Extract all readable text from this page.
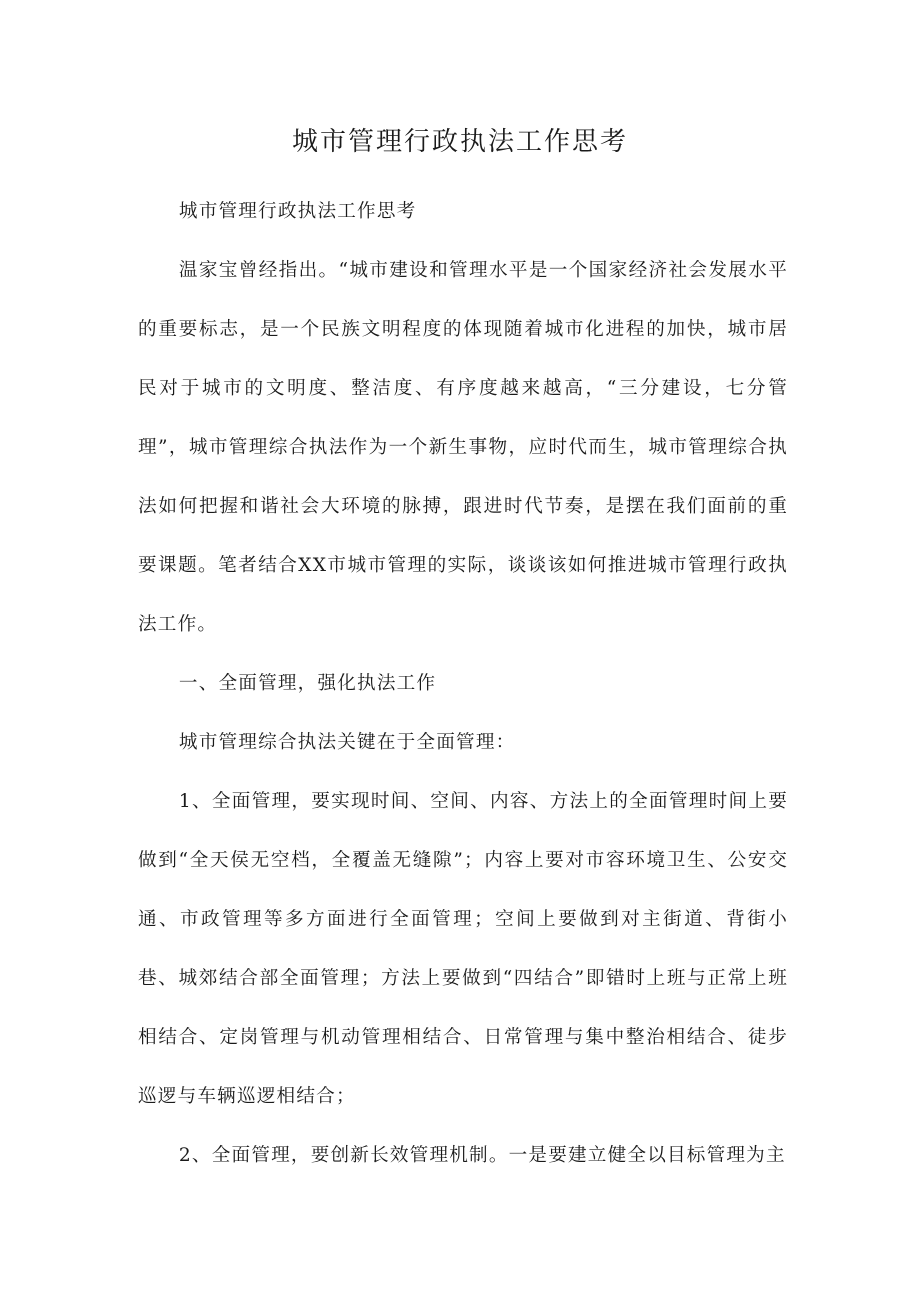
城市管理行政执法工作思考

城市管理行政执法工作思考

温家宝曾经指出。“城市建设和管理水平是一个国家经济社会发展水平的重要标志，是一个民族文明程度的体现随着城市化进程的加快，城市居民对于城市的文明度、整洁度、有序度越来越高，“三分建设，七分管理”，城市管理综合执法作为一个新生事物，应时代而生，城市管理综合执法如何把握和谐社会大环境的脉搏，跟进时代节奏，是摆在我们面前的重要课题。笔者结合XX市城市管理的实际，谈谈该如何推进城市管理行政执法工作。

一、全面管理，强化执法工作

城市管理综合执法关键在于全面管理：

1、全面管理，要实现时间、空间、内容、方法上的全面管理时间上要做到“全天侯无空档，全覆盖无缝隙”；内容上要对市容环境卫生、公安交通、市政管理等多方面进行全面管理；空间上要做到对主街道、背街小巷、城郊结合部全面管理；方法上要做到“四结合”即错时上班与正常上班相结合、定岗管理与机动管理相结合、日常管理与集中整治相结合、徒步巡逻与车辆巡逻相结合；

2、全面管理，要创新长效管理机制。一是要建立健全以目标管理为主
